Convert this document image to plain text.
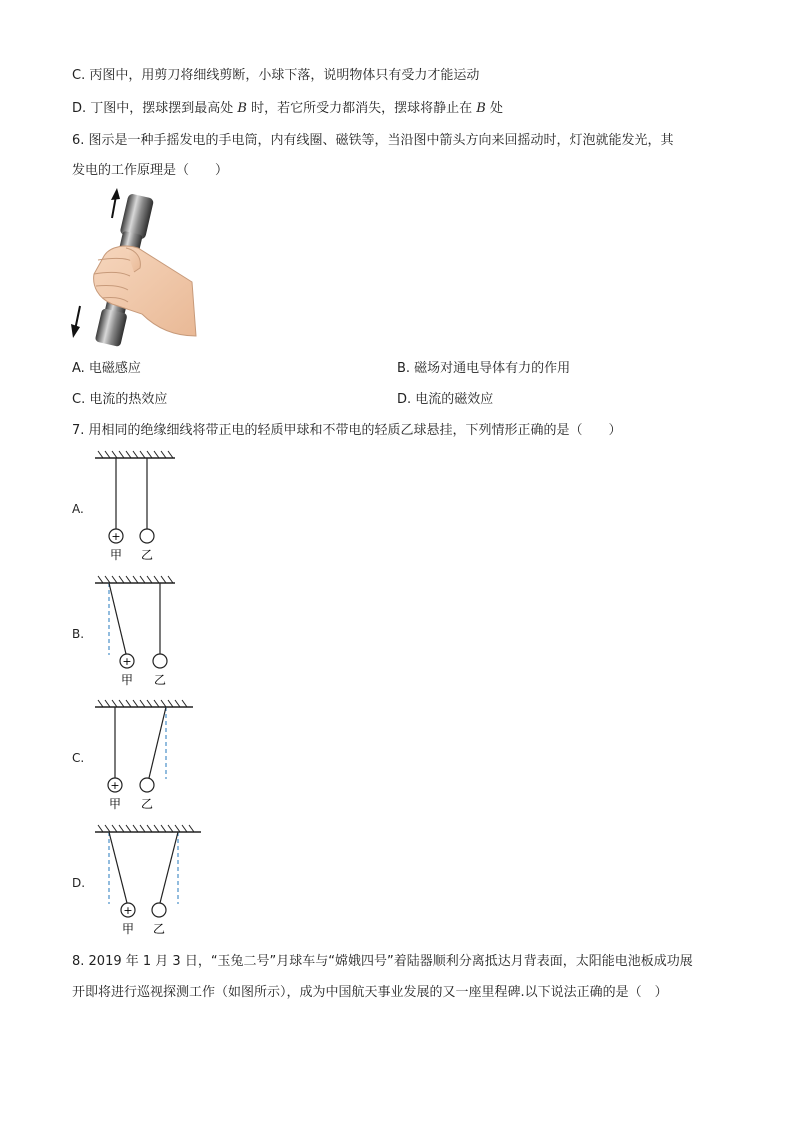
C. 丙图中，用剪刀将细线剪断，小球下落，说明物体只有受力才能运动
D. 丁图中，摆球摆到最高处 B 时，若它所受力都消失，摆球将静止在 B 处
6. 图示是一种手摇发电的手电筒，内有线圈、磁铁等，当沿图中箭头方向来回摇动时，灯泡就能发光，其
发电的工作原理是（　　）
A. 电磁感应	B. 磁场对通电导体有力的作用
C. 电流的热效应	D. 电流的磁效应
7. 用相同的绝缘细线将带正电的轻质甲球和不带电的轻质乙球悬挂，下列情形正确的是（　　）
A.
+
甲 乙
B.
+
甲 乙
C.
+
甲 乙
D.
+
甲 乙
8. 2019 年 1 月 3 日，“玉兔二号”月球车与“嫦娥四号”着陆器顺利分离抵达月背表面，太阳能电池板成功展
开即将进行巡视探测工作（如图所示），成为中国航天事业发展的又一座里程碑.以下说法正确的是（　）
